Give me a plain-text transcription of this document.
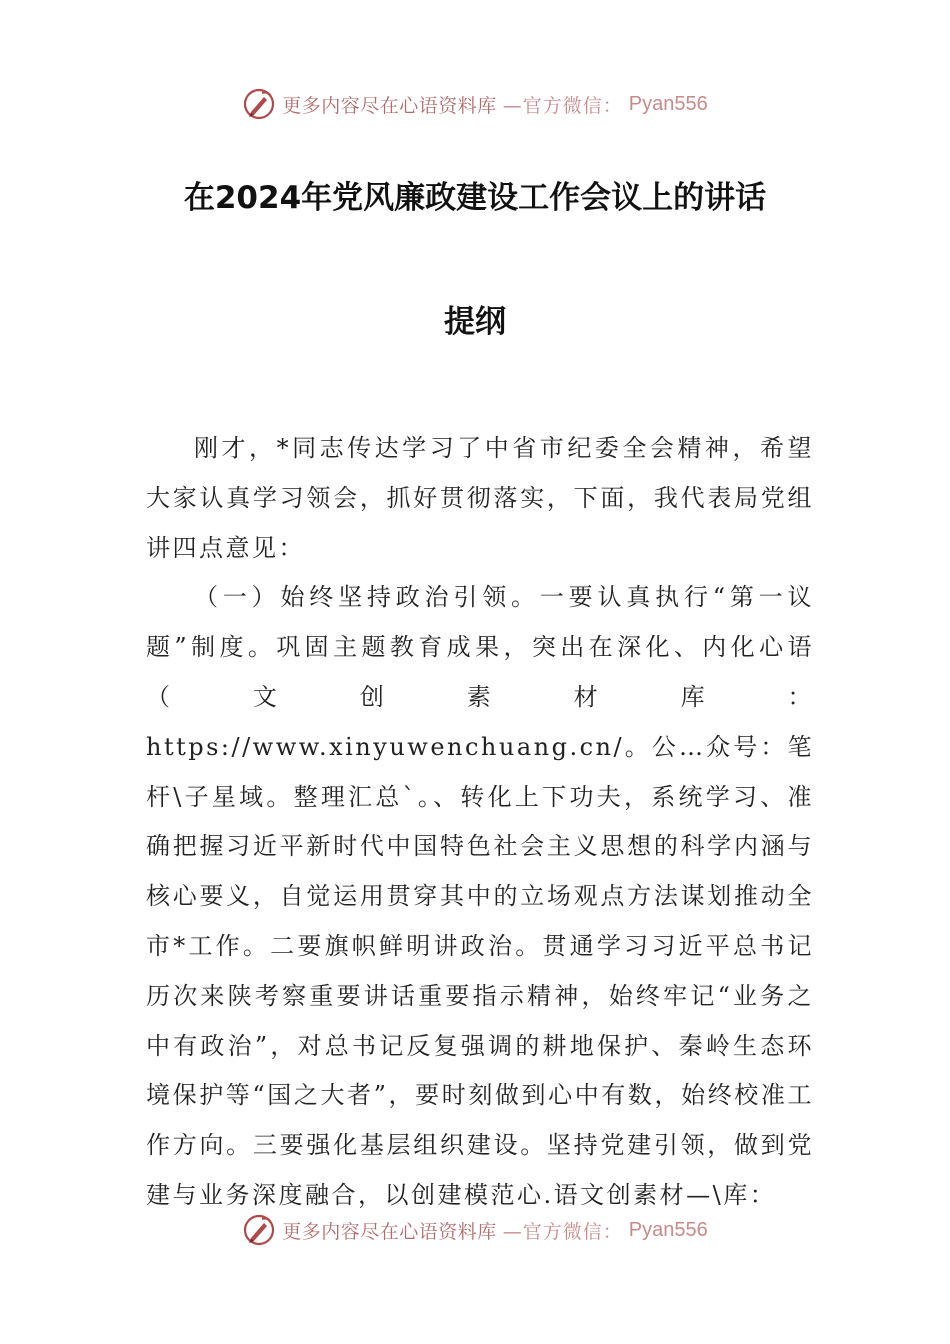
更多内容尽在心语资料库 —官方微信： Pyan556
在2024年党风廉政建设工作会议上的讲话
提纲

刚才，*同志传达学习了中省市纪委全会精神，希望大家认真学习领会，抓好贯彻落实，下面，我代表局党组讲四点意见：

（一）始终坚持政治引领。一要认真执行“第一议题”制度。巩固主题教育成果，突出在深化、内化心语（文创素材库：https://www.xinyuwenchuang.cn/。公…众号：笔杆\子星域。整理汇总`。、转化上下功夫，系统学习、准确把握习近平新时代中国特色社会主义思想的科学内涵与核心要义，自觉运用贯穿其中的立场观点方法谋划推动全市*工作。二要旗帜鲜明讲政治。贯通学习习近平总书记历次来陕考察重要讲话重要指示精神，始终牢记“业务之中有政治”，对总书记反复强调的耕地保护、秦岭生态环境保护等“国之大者”，要时刻做到心中有数，始终校准工作方向。三要强化基层组织建设。坚持党建引领，做到党建与业务深度融合，以创建模范心.语文创素材—\库：

更多内容尽在心语资料库 —官方微信： Pyan556
